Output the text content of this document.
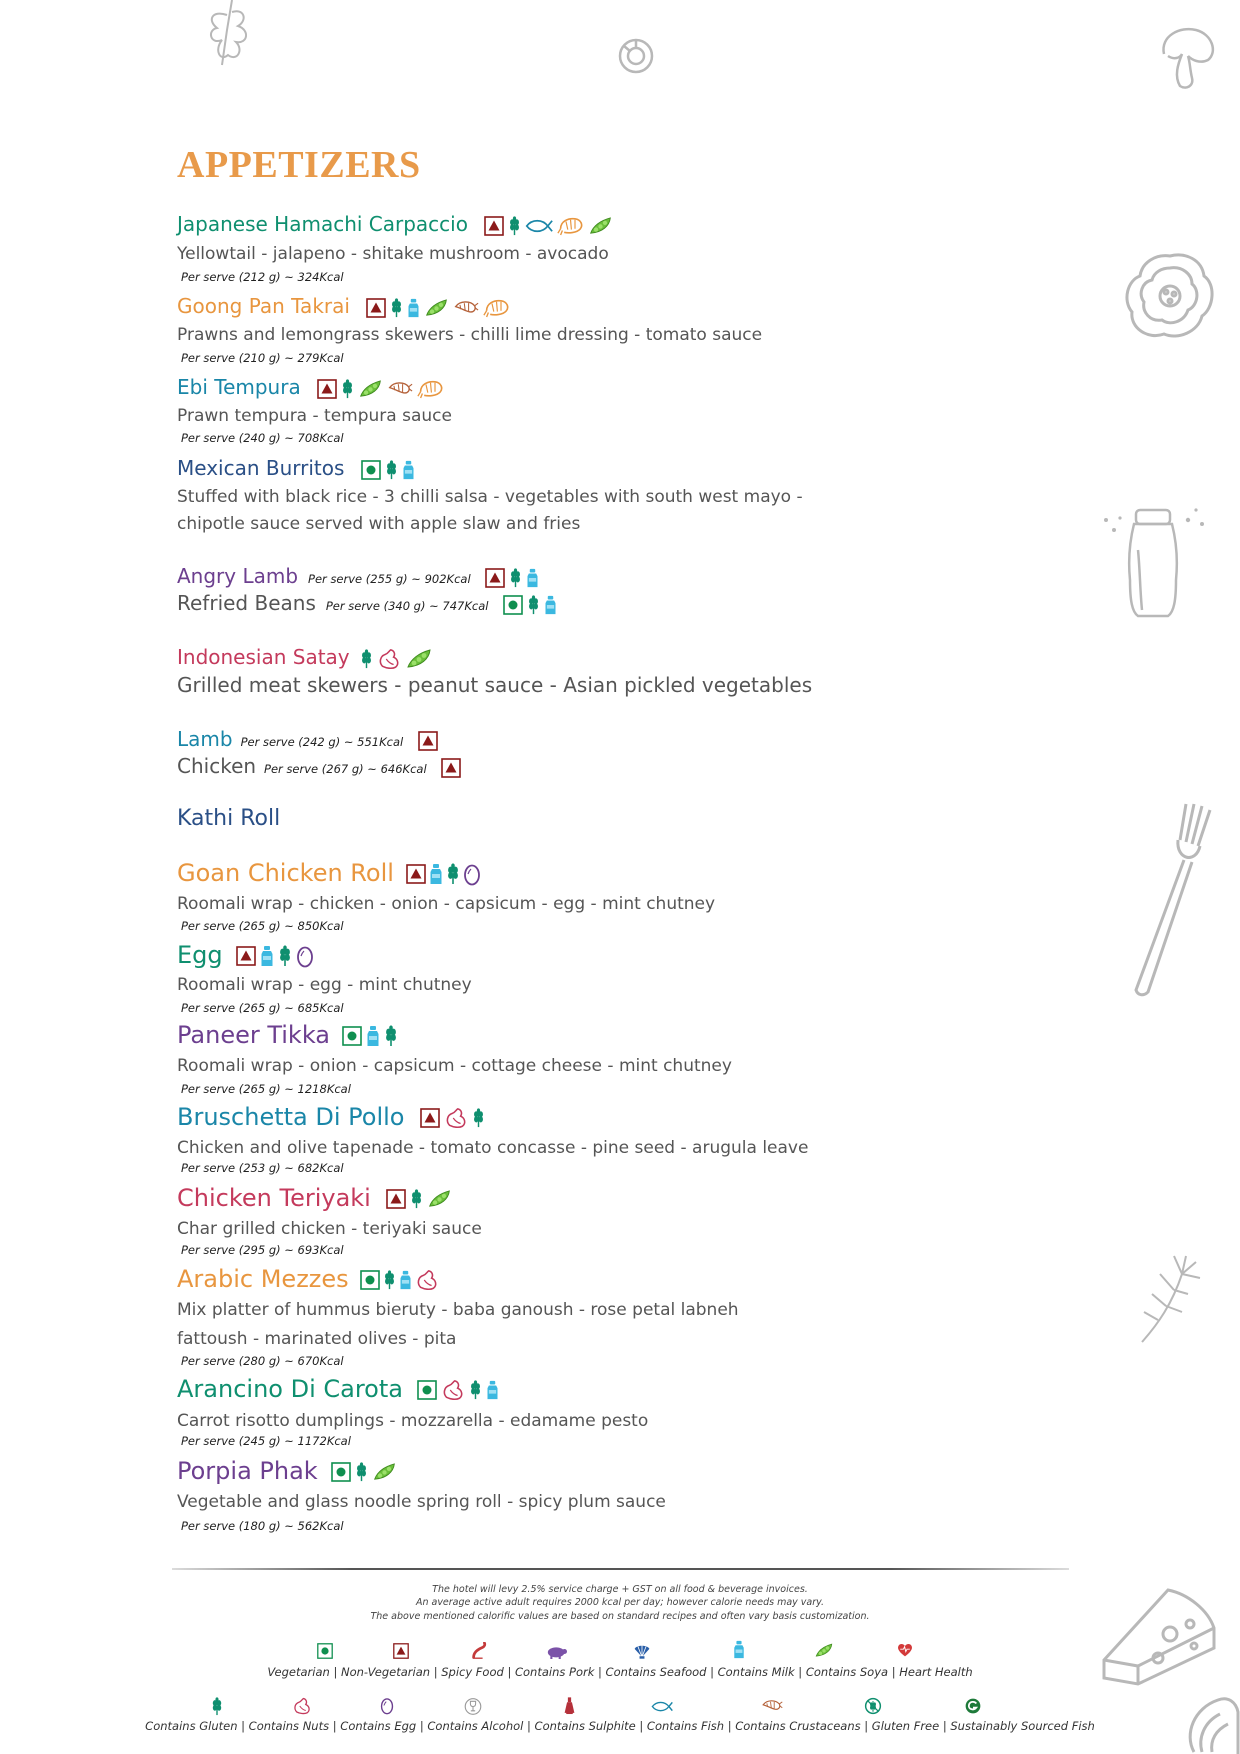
APPETIZERS
Japanese Hamachi Carpaccio
Yellowtail - jalapeno - shitake mushroom - avocado
Per serve (212 g) ~ 324Kcal
Goong Pan Takrai
Prawns and lemongrass skewers - chilli lime dressing - tomato sauce
Per serve (210 g) ~ 279Kcal
Ebi Tempura
Prawn tempura - tempura sauce
Per serve (240 g) ~ 708Kcal
Mexican Burritos
Stuffed with black rice - 3 chilli salsa - vegetables with south west mayo -
chipotle sauce served with apple slaw and fries
Angry Lamb Per serve (255 g) ~ 902Kcal
Refried Beans Per serve (340 g) ~ 747Kcal
Indonesian Satay
Grilled meat skewers - peanut sauce - Asian pickled vegetables
Lamb Per serve (242 g) ~ 551Kcal
Chicken Per serve (267 g) ~ 646Kcal
Kathi Roll
Goan Chicken Roll
Roomali wrap - chicken - onion - capsicum - egg - mint chutney
Per serve (265 g) ~ 850Kcal
Egg
Roomali wrap - egg - mint chutney
Per serve (265 g) ~ 685Kcal
Paneer Tikka
Roomali wrap - onion - capsicum - cottage cheese - mint chutney
Per serve (265 g) ~ 1218Kcal
Bruschetta Di Pollo
Chicken and olive tapenade - tomato concasse - pine seed - arugula leave
Per serve (253 g) ~ 682Kcal
Chicken Teriyaki
Char grilled chicken - teriyaki sauce
Per serve (295 g) ~ 693Kcal
Arabic Mezzes
Mix platter of hummus bieruty - baba ganoush - rose petal labneh
fattoush - marinated olives - pita
Per serve (280 g) ~ 670Kcal
Arancino Di Carota
Carrot risotto dumplings - mozzarella - edamame pesto
Per serve (245 g) ~ 1172Kcal
Porpia Phak
Vegetable and glass noodle spring roll - spicy plum sauce
Per serve (180 g) ~ 562Kcal
The hotel will levy 2.5% service charge + GST on all food & beverage invoices.
An average active adult requires 2000 kcal per day; however calorie needs may vary.
The above mentioned calorific values are based on standard recipes and often vary basis customization.
Vegetarian | Non-Vegetarian | Spicy Food | Contains Pork | Contains Seafood | Contains Milk | Contains Soya | Heart Health
Contains Gluten | Contains Nuts | Contains Egg | Contains Alcohol | Contains Sulphite | Contains Fish | Contains Crustaceans | Gluten Free | Sustainably Sourced Fish
